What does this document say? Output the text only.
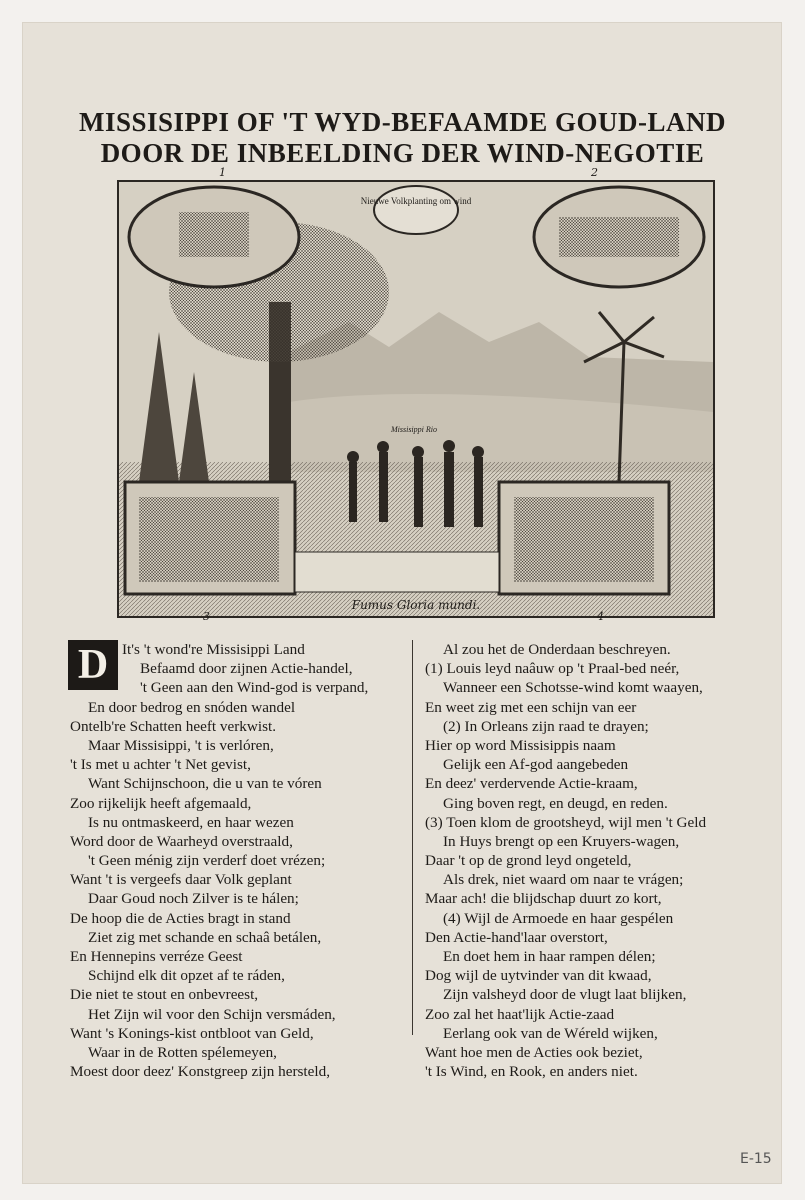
MISSISIPPI OF 'T WYD-BEFAAMDE GOUD-LAND
DOOR DE INBEELDING DER WIND-NEGOTIE
Nieuwe Volkplanting om wind
Missisippi Rio
1	2
3	4
Fumus Gloria mundi.
D It's 't wond're Missisippi Land
Befaamd door zijnen Actie-handel,
't Geen aan den Wind-god is verpand,
En door bedrog en snóden wandel
Ontelb're Schatten heeft verkwist.
Maar Missisippi, 't is verlóren,
't Is met u achter 't Net gevist,
Want Schijnschoon, die u van te vóren
Zoo rijkelijk heeft afgemaald,
Is nu ontmaskeerd, en haar wezen
Word door de Waarheyd overstraald,
't Geen ménig zijn verderf doet vrézen;
Want 't is vergeefs daar Volk geplant
Daar Goud noch Zilver is te hálen;
De hoop die de Acties bragt in stand
Ziet zig met schande en schaâ betálen,
En Hennepins verréze Geest
Schijnd elk dit opzet af te ráden,
Die niet te stout en onbevreest,
Het Zijn wil voor den Schijn versmáden,
Want 's Konings-kist ontbloot van Geld,
Waar in de Rotten spélemeyen,
Moest door deez' Konstgreep zijn hersteld,
Al zou het de Onderdaan beschreyen.
(1) Louis leyd naâuw op 't Praal-bed neér,
Wanneer een Schotsse-wind komt waayen,
En weet zig met een schijn van eer
(2) In Orleans zijn raad te drayen;
Hier op word Missisippis naam
Gelijk een Af-god aangebeden
En deez' verdervende Actie-kraam,
Ging boven regt, en deugd, en reden.
(3) Toen klom de grootsheyd, wijl men 't Geld
In Huys brengt op een Kruyers-wagen,
Daar 't op de grond leyd ongeteld,
Als drek, niet waard om naar te vrágen;
Maar ach! die blijdschap duurt zo kort,
(4) Wijl de Armoede en haar gespélen
Den Actie-hand'laar overstort,
En doet hem in haar rampen délen;
Dog wijl de uytvinder van dit kwaad,
Zijn valsheyd door de vlugt laat blijken,
Zoo zal het haat'lijk Actie-zaad
Eerlang ook van de Wéreld wijken,
Want hoe men de Acties ook beziet,
't Is Wind, en Rook, en anders niet.
E-15
